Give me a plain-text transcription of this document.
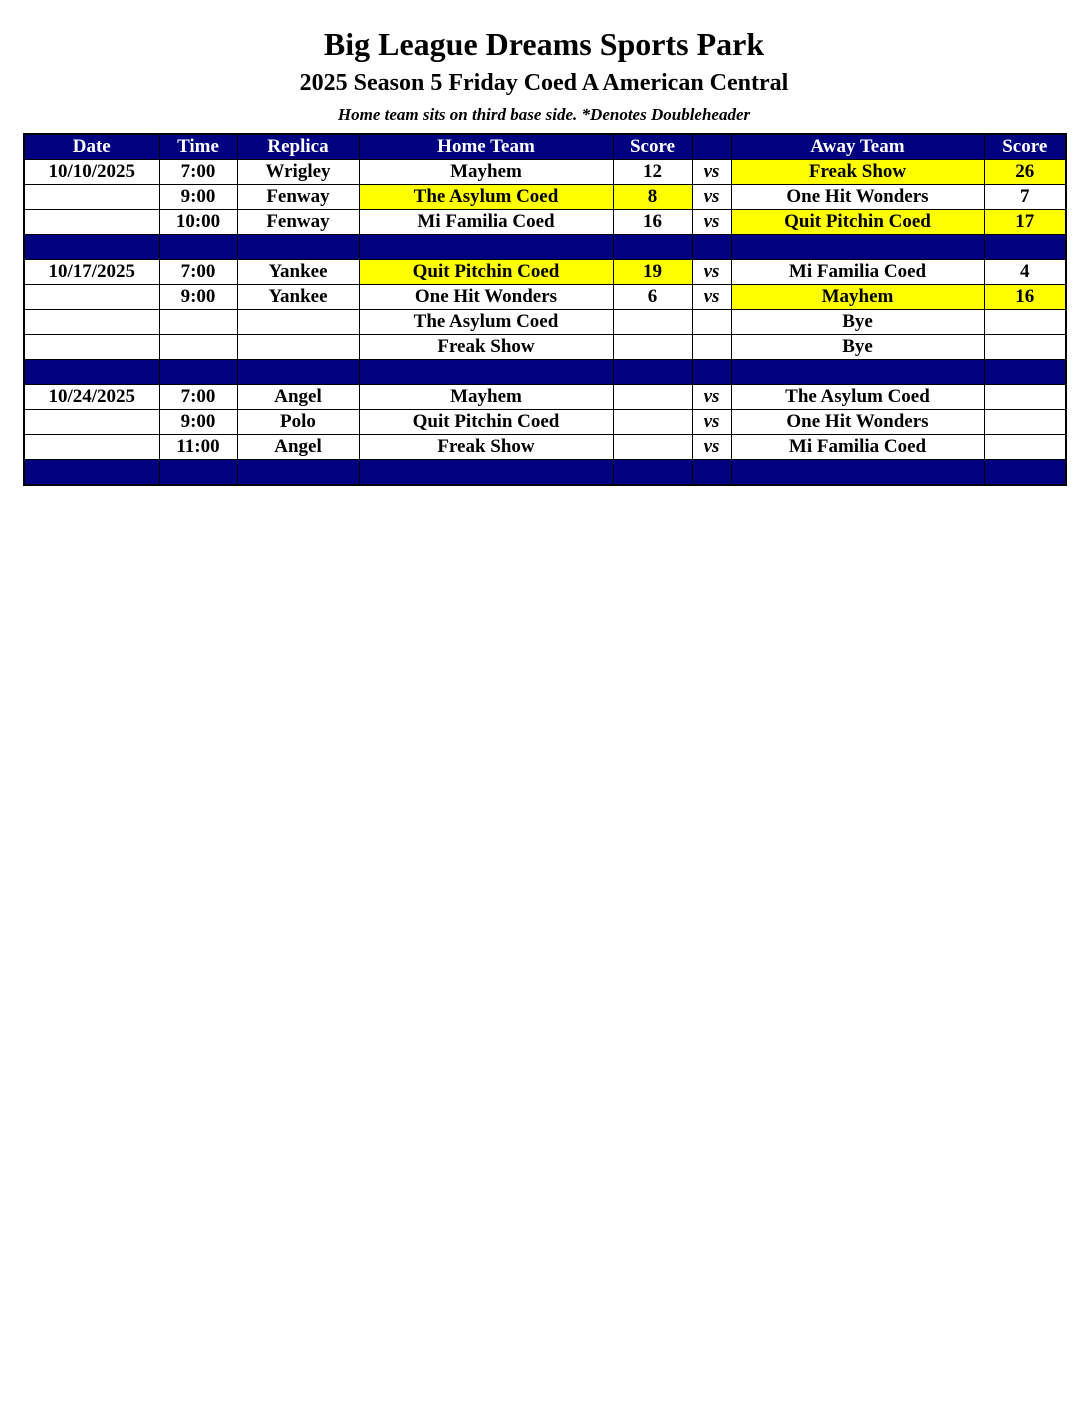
Big League Dreams Sports Park
2025 Season 5 Friday Coed A American Central
Home team sits on third base side. *Denotes Doubleheader
Date	Time	Replica	Home Team	Score		Away Team	Score
10/10/2025	7:00	Wrigley	Mayhem	12	vs	Freak Show	26
	9:00	Fenway	The Asylum Coed	8	vs	One Hit Wonders	7
	10:00	Fenway	Mi Familia Coed	16	vs	Quit Pitchin Coed	17

10/17/2025	7:00	Yankee	Quit Pitchin Coed	19	vs	Mi Familia Coed	4
	9:00	Yankee	One Hit Wonders	6	vs	Mayhem	16
			The Asylum Coed			Bye	
			Freak Show			Bye	

10/24/2025	7:00	Angel	Mayhem		vs	The Asylum Coed	
	9:00	Polo	Quit Pitchin Coed		vs	One Hit Wonders	
	11:00	Angel	Freak Show		vs	Mi Familia Coed	
